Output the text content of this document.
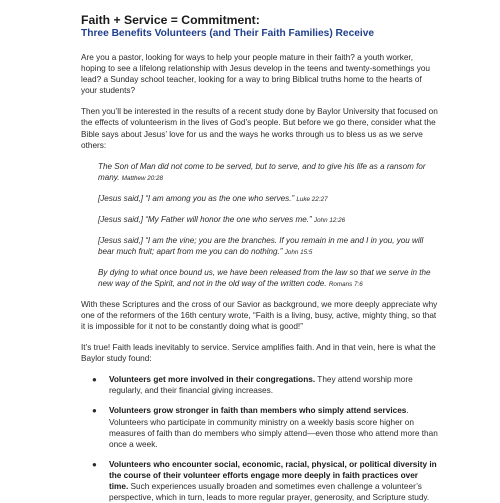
Faith + Service = Commitment:
Three Benefits Volunteers (and Their Faith Families) Receive

Are you a pastor, looking for ways to help your people mature in their faith? a youth worker, hoping to see a lifelong relationship with Jesus develop in the teens and twenty-somethings you lead? a Sunday school teacher, looking for a way to bring Biblical truths home to the hearts of your students?

Then you’ll be interested in the results of a recent study done by Baylor University that focused on the effects of volunteerism in the lives of God’s people. But before we go there, consider what the Bible says about Jesus’ love for us and the ways he works through us to bless us as we serve others:

The Son of Man did not come to be served, but to serve, and to give his life as a ransom for many. Matthew 20:28
[Jesus said,] “I am among you as the one who serves.” Luke 22:27
[Jesus said,] “My Father will honor the one who serves me.” John 12:26
[Jesus said,] “I am the vine; you are the branches. If you remain in me and I in you, you will bear much fruit; apart from me you can do nothing.” John 15:5
By dying to what once bound us, we have been released from the law so that we serve in the new way of the Spirit, and not in the old way of the written code. Romans 7:6

With these Scriptures and the cross of our Savior as background, we more deeply appreciate why one of the reformers of the 16th century wrote, “Faith is a living, busy, active, mighty thing, so that it is impossible for it not to be constantly doing what is good!”

It’s true! Faith leads inevitably to service. Service amplifies faith. And in that vein, here is what the Baylor study found:

● Volunteers get more involved in their congregations. They attend worship more regularly, and their financial giving increases.
● Volunteers grow stronger in faith than members who simply attend services. Volunteers who participate in community ministry on a weekly basis score higher on measures of faith than do members who simply attend—even those who attend more than once a week.
● Volunteers who encounter social, economic, racial, physical, or political diversity in the course of their volunteer efforts engage more deeply in faith practices over time. Such experiences usually broaden and sometimes even challenge a volunteer’s perspective, which in turn, leads to more regular prayer, generosity, and Scripture study.
